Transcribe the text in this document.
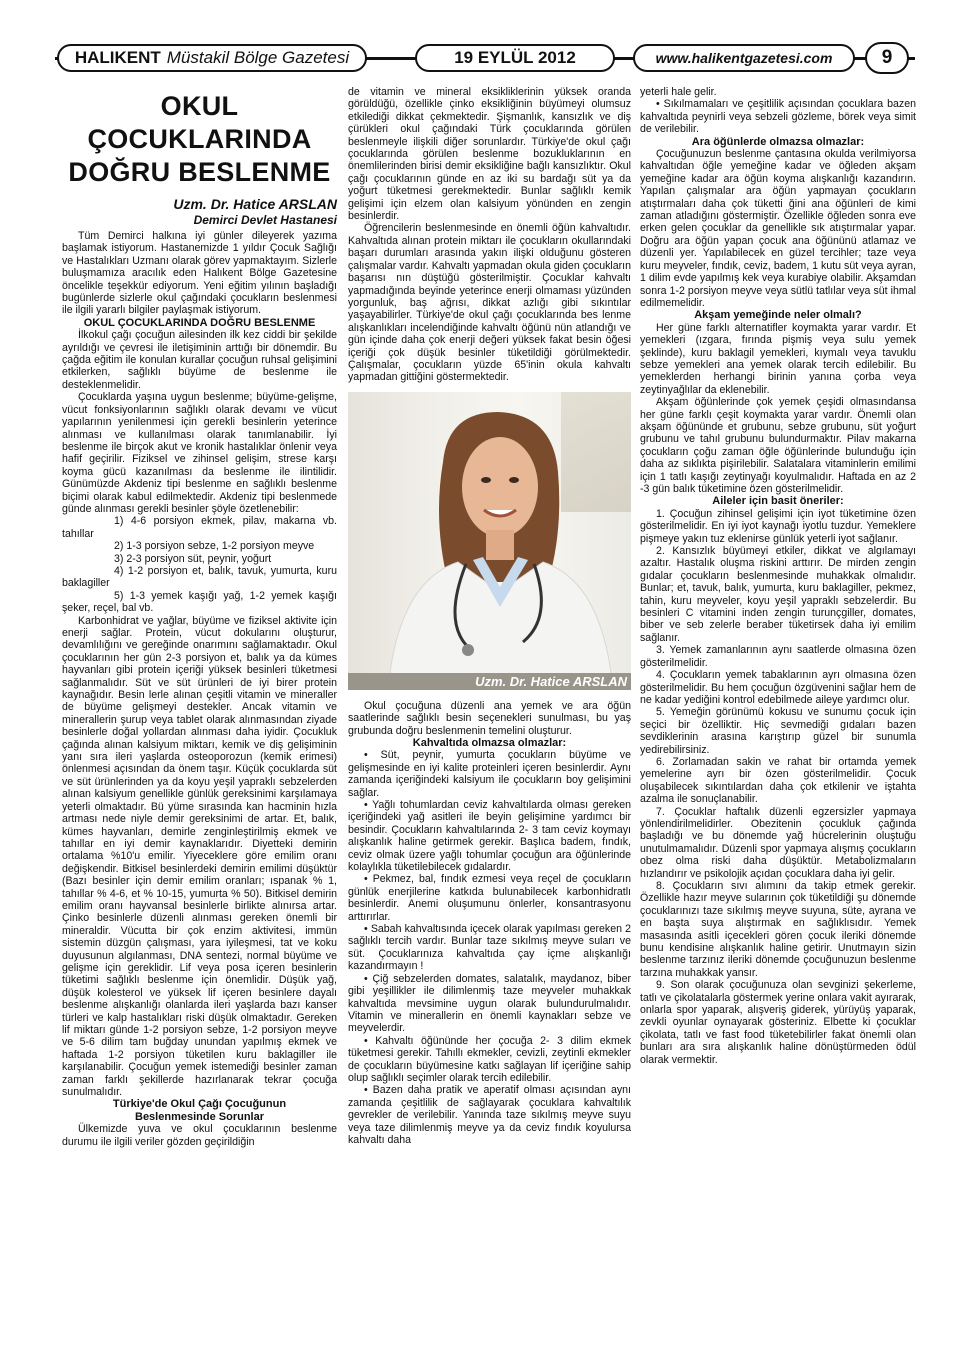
HALIKENT Müstakil Bölge Gazetesi	19 EYLÜL 2012	www.halikentgazetesi.com	9
OKUL ÇOCUKLARINDA
DOĞRU BESLENME
Uzm. Dr. Hatice ARSLAN
Demirci Devlet Hastanesi

Tüm Demirci halkına iyi günler dileyerek yazıma başlamak istiyorum. Hastanemizde 1 yıldır Çocuk Sağlığı ve Hastalıkları Uzmanı olarak görev yapmaktayım. Sizlerle buluşmamıza aracılık eden Halıkent Bölge Gazetesine öncelikle teşekkür ediyorum. Yeni eğitim yılının başladığı bugünlerde sizlerle okul çağındaki çocukların beslenmesi ile ilgili yararlı bilgiler paylaşmak istiyorum.

OKUL ÇOCUKLARINDA DOĞRU BESLENME

İlkokul çağı çocuğun ailesinden ilk kez ciddi bir şekilde ayrıldığı ve çevresi ile iletişiminin arttığı bir dönemdir. Bu çağda eğitim ile konulan kurallar çocuğun ruhsal gelişimini etkilerken, sağlıklı büyüme de beslenme ile desteklenmelidir.

Çocuklarda yaşına uygun beslenme; büyüme-gelişme, vücut fonksiyonlarının sağlıklı olarak devamı ve vücut yapılarının yenilenmesi için gerekli besinlerin yeterince alınması ve kullanılması olarak tanımlanabilir. İyi beslenme ile birçok akut ve kronik hastalıklar önlenir veya hafif geçirilir. Fiziksel ve zihinsel gelişim, strese karşı koyma gücü kazanılması da beslenme ile ilintilidir. Günümüzde Akdeniz tipi beslenme en sağlıklı beslenme biçimi olarak kabul edilmektedir. Akdeniz tipi beslenmede günde alınması gerekli besinler şöyle özetlenebilir:

1) 4-6 porsiyon ekmek, pilav, makarna vb. tahıllar

2) 1-3 porsiyon sebze, 1-2 porsiyon meyve

3) 2-3 porsiyon süt, peynir, yoğurt

4) 1-2 porsiyon et, balık, tavuk, yumurta, kuru baklagiller

5) 1-3 yemek kaşığı yağ, 1-2 yemek kaşığı şeker, reçel, bal vb.

Karbonhidrat ve yağlar, büyüme ve fiziksel aktivite için enerji sağlar. Protein, vücut dokularını oluşturur, devamlılığını ve gereğinde onarımını sağlamaktadır. Okul çocuklarının her gün 2-3 porsiyon et, balık ya da kümes hayvanları gibi protein içeriği yüksek besinleri tüketmesi sağlanmalıdır. Süt ve süt ürünleri de iyi birer protein kaynağıdır. Besin lerle alınan çeşitli vitamin ve mineraller de büyüme gelişmeyi destekler. Ancak vitamin ve minerallerin şurup veya tablet olarak alınmasından ziyade besinlerle doğal yollardan alınması daha iyidir. Çocukluk çağında alınan kalsiyum miktarı, kemik ve diş gelişiminin yanı sıra ileri yaşlarda osteoporozun (kemik erimesi) önlenmesi açısından da önem taşır. Küçük çocuklarda süt ve süt ürünlerinden ya da koyu yeşil yapraklı sebzelerden alınan kalsiyum genellikle günlük gereksinimi karşılamaya yeterli olmaktadır. Bü yüme sırasında kan hacminin hızla artması nede niyle demir gereksinimi de artar. Et, balık, kümes hayvanları, demirle zenginleştirilmiş ekmek ve tahıllar en iyi demir kaynaklarıdır. Diyetteki demirin ortalama %10'u emilir. Yiyeceklere göre emilim oranı değişkendir. Bitkisel besinlerdeki demirin emilimi düşüktür (Bazı besinler için demir emilim oranları; ıspanak % 1, tahıllar % 4-6, et % 10-15, yumurta % 50). Bitkisel demirin emilim oranı hayvansal besinlerle birlikte alınırsa artar. Çinko besinlerle düzenli alınması gereken önemli bir mineraldir. Vücutta bir çok enzim aktivitesi, immün sistemin düzgün çalışması, yara iyileşmesi, tat ve koku duyusunun algılanması, DNA sentezi, normal büyüme ve gelişme için gereklidir. Lif veya posa içeren besinlerin tüketimi sağlıklı beslenme için önemlidir. Düşük yağ, düşük kolesterol ve yüksek lif içeren besinlere dayalı beslenme alışkanlığı olanlarda ileri yaşlarda bazı kanser türleri ve kalp hastalıkları riski düşük olmaktadır. Gereken lif miktarı günde 1-2 porsiyon sebze, 1-2 porsiyon meyve ve 5-6 dilim tam buğday unundan yapılmış ekmek ve haftada 1-2 porsiyon tüketilen kuru baklagiller ile karşılanabilir. Çocuğun yemek istemediği besinler zaman zaman farklı şekillerde hazırlanarak tekrar çocuğa sunulmalıdır.

Türkiye'de Okul Çağı Çocuğunun
Beslenmesinde Sorunlar

Ülkemizde yuva ve okul çocuklarının beslenme durumu ile ilgili veriler gözden geçirildiğin

de vitamin ve mineral eksikliklerinin yüksek oranda görüldüğü, özellikle çinko eksikliğinin büyümeyi olumsuz etkilediği dikkat çekmektedir. Şişmanlık, kansızlık ve diş çürükleri okul çağındaki Türk çocuklarında görülen beslenmeyle ilişkili diğer sorunlardır. Türkiye'de okul çağı çocuklarında görülen beslenme bozukluklarının en önemlilerinden birisi demir eksikliğine bağlı kansızlıktır. Okul çağı çocuklarının günde en az iki su bardağı süt ya da yoğurt tüketmesi gerekmektedir. Bunlar sağlıklı kemik gelişimi için elzem olan kalsiyum yönünden en zengin besinlerdir.

Öğrencilerin beslenmesinde en önemli öğün kahvaltıdır. Kahvaltıda alınan protein miktarı ile çocukların okullarındaki başarı durumları arasında yakın ilişki olduğunu gösteren çalışmalar vardır. Kahvaltı yapmadan okula giden çocukların başarısı nın düştüğü gösterilmiştir. Çocuklar kahvaltı yapmadığında beyinde yeterince enerji olmaması yüzünden yorgunluk, baş ağrısı, dikkat azlığı gibi sıkıntılar yaşayabilirler. Türkiye'de okul çağı çocuklarında bes lenme alışkanlıkları incelendiğinde kahvaltı öğünü nün atlandığı ve gün içinde daha çok enerji değeri yüksek fakat besin öğesi içeriği çok düşük besinler tüketildiği görülmektedir. Çalışmalar, çocukların yüzde 65'inin okula kahvaltı yapmadan gittiğini göstermektedir.

Uzm. Dr. Hatice ARSLAN

Okul çocuğuna düzenli ana yemek ve ara öğün saatlerinde sağlıklı besin seçenekleri sunulması, bu yaş grubunda doğru beslenmenin temelini oluşturur.

Kahvaltıda olmazsa olmazlar:

• Süt, peynir, yumurta çocukların büyüme ve gelişmesinde en iyi kalite proteinleri içeren besinlerdir. Aynı zamanda içeriğindeki kalsiyum ile çocukların boy gelişimini sağlar.

• Yağlı tohumlardan ceviz kahvaltılarda olması gereken içeriğindeki yağ asitleri ile beyin gelişimine yardımcı bir besindir. Çocukların kahvaltılarında 2- 3 tam ceviz koymayı alışkanlık haline getirmek gerekir. Başlıca badem, fındık, ceviz olmak üzere yağlı tohumlar çocuğun ara öğünlerinde kolaylıkla tüketilebilecek gıdalardır.

• Pekmez, bal, fındık ezmesi veya reçel de çocukların günlük enerjilerine katkıda bulunabilecek karbonhidratlı besinlerdir. Anemi oluşumunu önlerler, konsantrasyonu arttırırlar.

• Sabah kahvaltısında içecek olarak yapılması gereken 2 sağlıklı tercih vardır. Bunlar taze sıkılmış meyve suları ve süt. Çocuklarınıza kahvaltıda çay içme alışkanlığı kazandırmayın !

• Çiğ sebzelerden domates, salatalık, maydanoz, biber gibi yeşillikler ile dilimlenmiş taze meyveler muhakkak kahvaltıda mevsimine uygun olarak bulundurulmalıdır. Vitamin ve minerallerin en önemli kaynakları sebze ve meyvelerdir.

• Kahvaltı öğününde her çocuğa 2- 3 dilim ekmek tüketmesi gerekir. Tahıllı ekmekler, cevizli, zeytinli ekmekler de çocukların büyümesine katkı sağlayan lif içeriğine sahip olup sağlıklı seçimler olarak tercih edilebilir.

• Bazen daha pratik ve aperatif olması açısından aynı zamanda çeşitlilik de sağlayarak çocuklara kahvaltılık gevrekler de verilebilir. Yanında taze sıkılmış meyve suyu veya taze dilimlenmiş meyve ya da ceviz fındık koyulursa kahvaltı daha

yeterli hale gelir.

• Sıkılmamaları ve çeşitlilik açısından çocuklara bazen kahvaltıda peynirli veya sebzeli gözleme, börek veya simit de verilebilir.

Ara öğünlerde olmazsa olmazlar:

Çocuğunuzun beslenme çantasına okulda verilmiyorsa kahvaltıdan öğle yemeğine kadar ve öğleden akşam yemeğine kadar ara öğün koyma alışkanlığı kazandırın. Yapılan çalışmalar ara öğün yapmayan çocukların atıştırmaları daha çok tüketti ğini ana öğünleri de kimi zaman atladığını göstermiştir. Özellikle öğleden sonra eve erken gelen çocuklar da genellikle sık atıştırmalar yapar. Doğru ara öğün yapan çocuk ana öğününü atlamaz ve düzenli yer. Yapılabilecek en güzel tercihler; taze veya kuru meyveler, fındık, ceviz, badem, 1 kutu süt veya ayran, 1 dilim evde yapılmış kek veya kurabiye olabilir. Akşamdan sonra 1-2 porsiyon meyve veya sütlü tatlılar veya süt ihmal edilmemelidir.

Akşam yemeğinde neler olmalı?

Her güne farklı alternatifler koymakta yarar vardır. Et yemekleri (ızgara, fırında pişmiş veya sulu yemek şeklinde), kuru baklagil yemekleri, kıymalı veya tavuklu sebze yemekleri ana yemek olarak tercih edilebilir. Bu yemeklerden herhangi birinin yanına çorba veya zeytinyağlılar da eklenebilir.

Akşam öğünlerinde çok yemek çeşidi olmasındansa her güne farklı çeşit koymakta yarar vardır. Önemli olan akşam öğününde et grubunu, sebze grubunu, süt yoğurt grubunu ve tahıl grubunu bulundurmaktır. Pilav makarna çocukların çoğu zaman öğle öğünlerinde bulunduğu için daha az sıklıkta pişirilebilir. Salatalara vitaminlerin emilimi için 1 tatlı kaşığı zeytinyağı koyulmalıdır. Haftada en az 2 -3 gün balık tüketimine özen gösterilmelidir.

Aileler için basit öneriler:

1. Çocuğun zihinsel gelişimi için iyot tüketimine özen gösterilmelidir. En iyi iyot kaynağı iyotlu tuzdur. Yemeklere pişmeye yakın tuz eklenirse günlük yeterli iyot sağlanır.

2. Kansızlık büyümeyi etkiler, dikkat ve algılamayı azaltır. Hastalık oluşma riskini arttırır. De mirden zengin gıdalar çocukların beslenmesinde muhakkak olmalıdır. Bunlar; et, tavuk, balık, yumurta, kuru baklagiller, pekmez, tahin, kuru meyveler, koyu yeşil yapraklı sebzelerdir. Bu besinleri C vitamini inden zengin turunçgiller, domates, biber ve seb zelerle beraber tüketirsek daha iyi emilim sağlanır.

3. Yemek zamanlarının aynı saatlerde olmasına özen gösterilmelidir.

4. Çocukların yemek tabaklarının ayrı olmasına özen gösterilmelidir. Bu hem çocuğun özgüvenini sağlar hem de ne kadar yediğini kontrol edebilmede aileye yardımcı olur.

5. Yemeğin görünümü kokusu ve sunumu çocuk için seçici bir özelliktir. Hiç sevmediği gıdaları bazen sevdiklerinin arasına karıştırıp güzel bir sunumla yedirebilirsiniz.

6. Zorlamadan sakin ve rahat bir ortamda yemek yemelerine ayrı bir özen gösterilmelidir. Çocuk oluşabilecek sıkıntılardan daha çok etkilenir ve iştahta azalma ile sonuçlanabilir.

7. Çocuklar haftalık düzenli egzersizler yapmaya yönlendirilmelidirler. Obezitenin çocukluk çağında başladığı ve bu dönemde yağ hücrelerinin oluştuğu unutulmamalıdır. Düzenli spor yapmaya alışmış çocukların obez olma riski daha düşüktür. Metabolizmaların hızlandırır ve psikolojik açıdan çocuklara daha iyi gelir.

8. Çocukların sıvı alımını da takip etmek gerekir. Özellikle hazır meyve sularının çok tüketildiği şu dönemde çocuklarınızı taze sıkılmış meyve suyuna, süte, ayrana ve en başta suya alıştırmak en sağlıklısıdır. Yemek masasında asitli içecekleri gören çocuk ileriki dönemde bunu kendisine alışkanlık haline getirir. Unutmayın sizin beslenme tarzınız ileriki dönemde çocuğunuzun beslenme tarzına muhakkak yansır.

9. Son olarak çocuğunuza olan sevginizi şekerleme, tatlı ve çikolatalarla göstermek yerine onlara vakit ayırarak, onlarla spor yaparak, alışveriş giderek, yürüyüş yaparak, zevkli oyunlar oynayarak gösteriniz. Elbette ki çocuklar çikolata, tatlı ve fast food tüketebilirler fakat önemli olan bunları ara sıra alışkanlık haline dönüştürmeden ödül olarak vermektir.
